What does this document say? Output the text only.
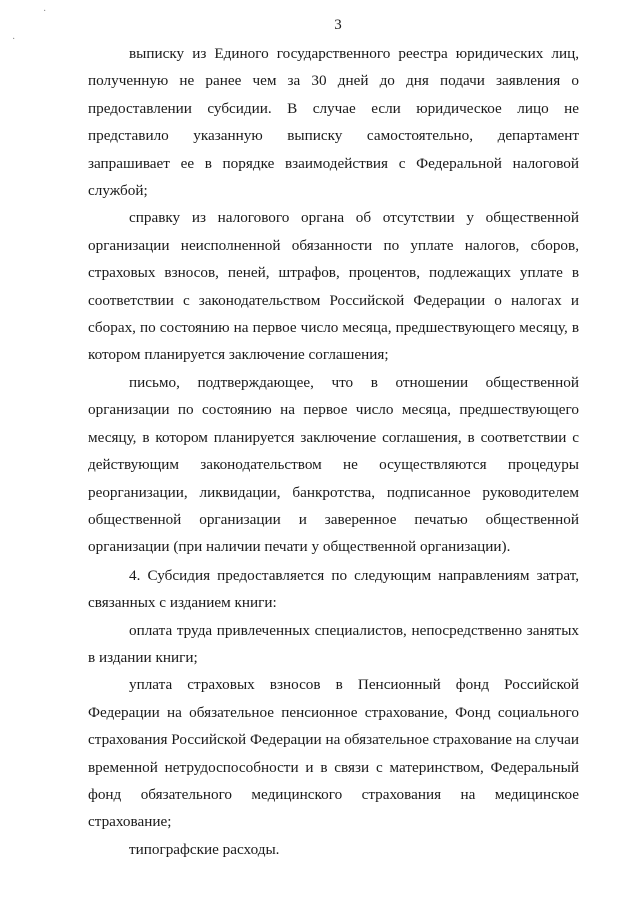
·
·
3

выписку из Единого государственного реестра юридических лиц, полученную не ранее чем за 30 дней до дня подачи заявления о предоставлении субсидии. В случае если юридическое лицо не представило указанную выписку самостоятельно, департамент запрашивает ее в порядке взаимодействия с Федеральной налоговой службой;

справку из налогового органа об отсутствии у общественной организации неисполненной обязанности по уплате налогов, сборов, страховых взносов, пеней, штрафов, процентов, подлежащих уплате в соответствии с законодательством Российской Федерации о налогах и сборах, по состоянию на первое число месяца, предшествующего месяцу, в котором планируется заключение соглашения;

письмо, подтверждающее, что в отношении общественной организации по состоянию на первое число месяца, предшествующего месяцу, в котором планируется заключение соглашения, в соответствии с действующим законодательством не осуществляются процедуры реорганизации, ликвидации, банкротства, подписанное руководителем общественной организации и заверенное печатью общественной организации (при наличии печати у общественной организации).

4. Субсидия предоставляется по следующим направлениям затрат, связанных с изданием книги:

оплата труда привлеченных специалистов, непосредственно занятых в издании книги;

уплата страховых взносов в Пенсионный фонд Российской Федерации на обязательное пенсионное страхование, Фонд социального страхования Российской Федерации на обязательное страхование на случаи временной нетрудоспособности и в связи с материнством, Федеральный фонд обязательного медицинского страхования на медицинское страхование;

типографские расходы.
